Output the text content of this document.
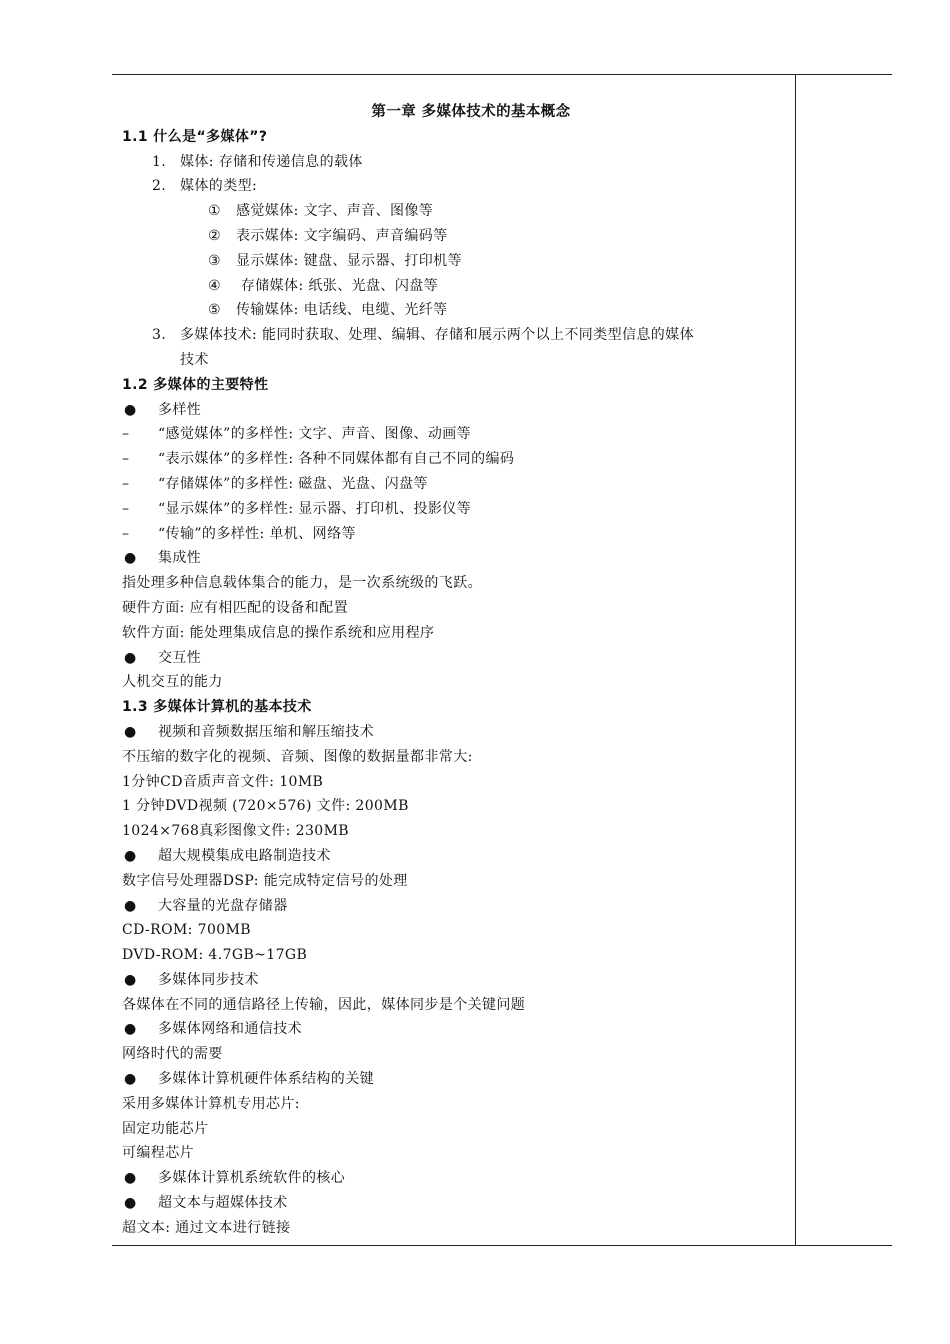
第一章 多媒体技术的基本概念
1.1 什么是“多媒体”?
1. 媒体: 存储和传递信息的载体
2. 媒体的类型:
① 感觉媒体: 文字、声音、图像等
② 表示媒体: 文字编码、声音编码等
③ 显示媒体: 键盘、显示器、打印机等
④ 存储媒体: 纸张、光盘、闪盘等
⑤ 传输媒体: 电话线、电缆、光纤等
3. 多媒体技术: 能同时获取、处理、编辑、存储和展示两个以上不同类型信息的媒体
技术
1.2 多媒体的主要特性
● 多样性
– “感觉媒体”的多样性: 文字、声音、图像、动画等
– “表示媒体”的多样性: 各种不同媒体都有自己不同的编码
– “存储媒体”的多样性: 磁盘、光盘、闪盘等
– “显示媒体”的多样性: 显示器、打印机、投影仪等
– “传输”的多样性: 单机、网络等
● 集成性
指处理多种信息载体集合的能力，是一次系统级的飞跃。
硬件方面: 应有相匹配的设备和配置
软件方面: 能处理集成信息的操作系统和应用程序
● 交互性
人机交互的能力
1.3 多媒体计算机的基本技术
● 视频和音频数据压缩和解压缩技术
不压缩的数字化的视频、音频、图像的数据量都非常大:
1分钟CD音质声音文件: 10MB
1 分钟DVD视频 (720×576) 文件: 200MB
1024×768真彩图像文件: 230MB
● 超大规模集成电路制造技术
数字信号处理器DSP: 能完成特定信号的处理
● 大容量的光盘存储器
CD-ROM: 700MB
DVD-ROM: 4.7GB~17GB
● 多媒体同步技术
各媒体在不同的通信路径上传输，因此，媒体同步是个关键问题
● 多媒体网络和通信技术
网络时代的需要
● 多媒体计算机硬件体系结构的关键
采用多媒体计算机专用芯片:
固定功能芯片
可编程芯片
● 多媒体计算机系统软件的核心
● 超文本与超媒体技术
超文本: 通过文本进行链接
